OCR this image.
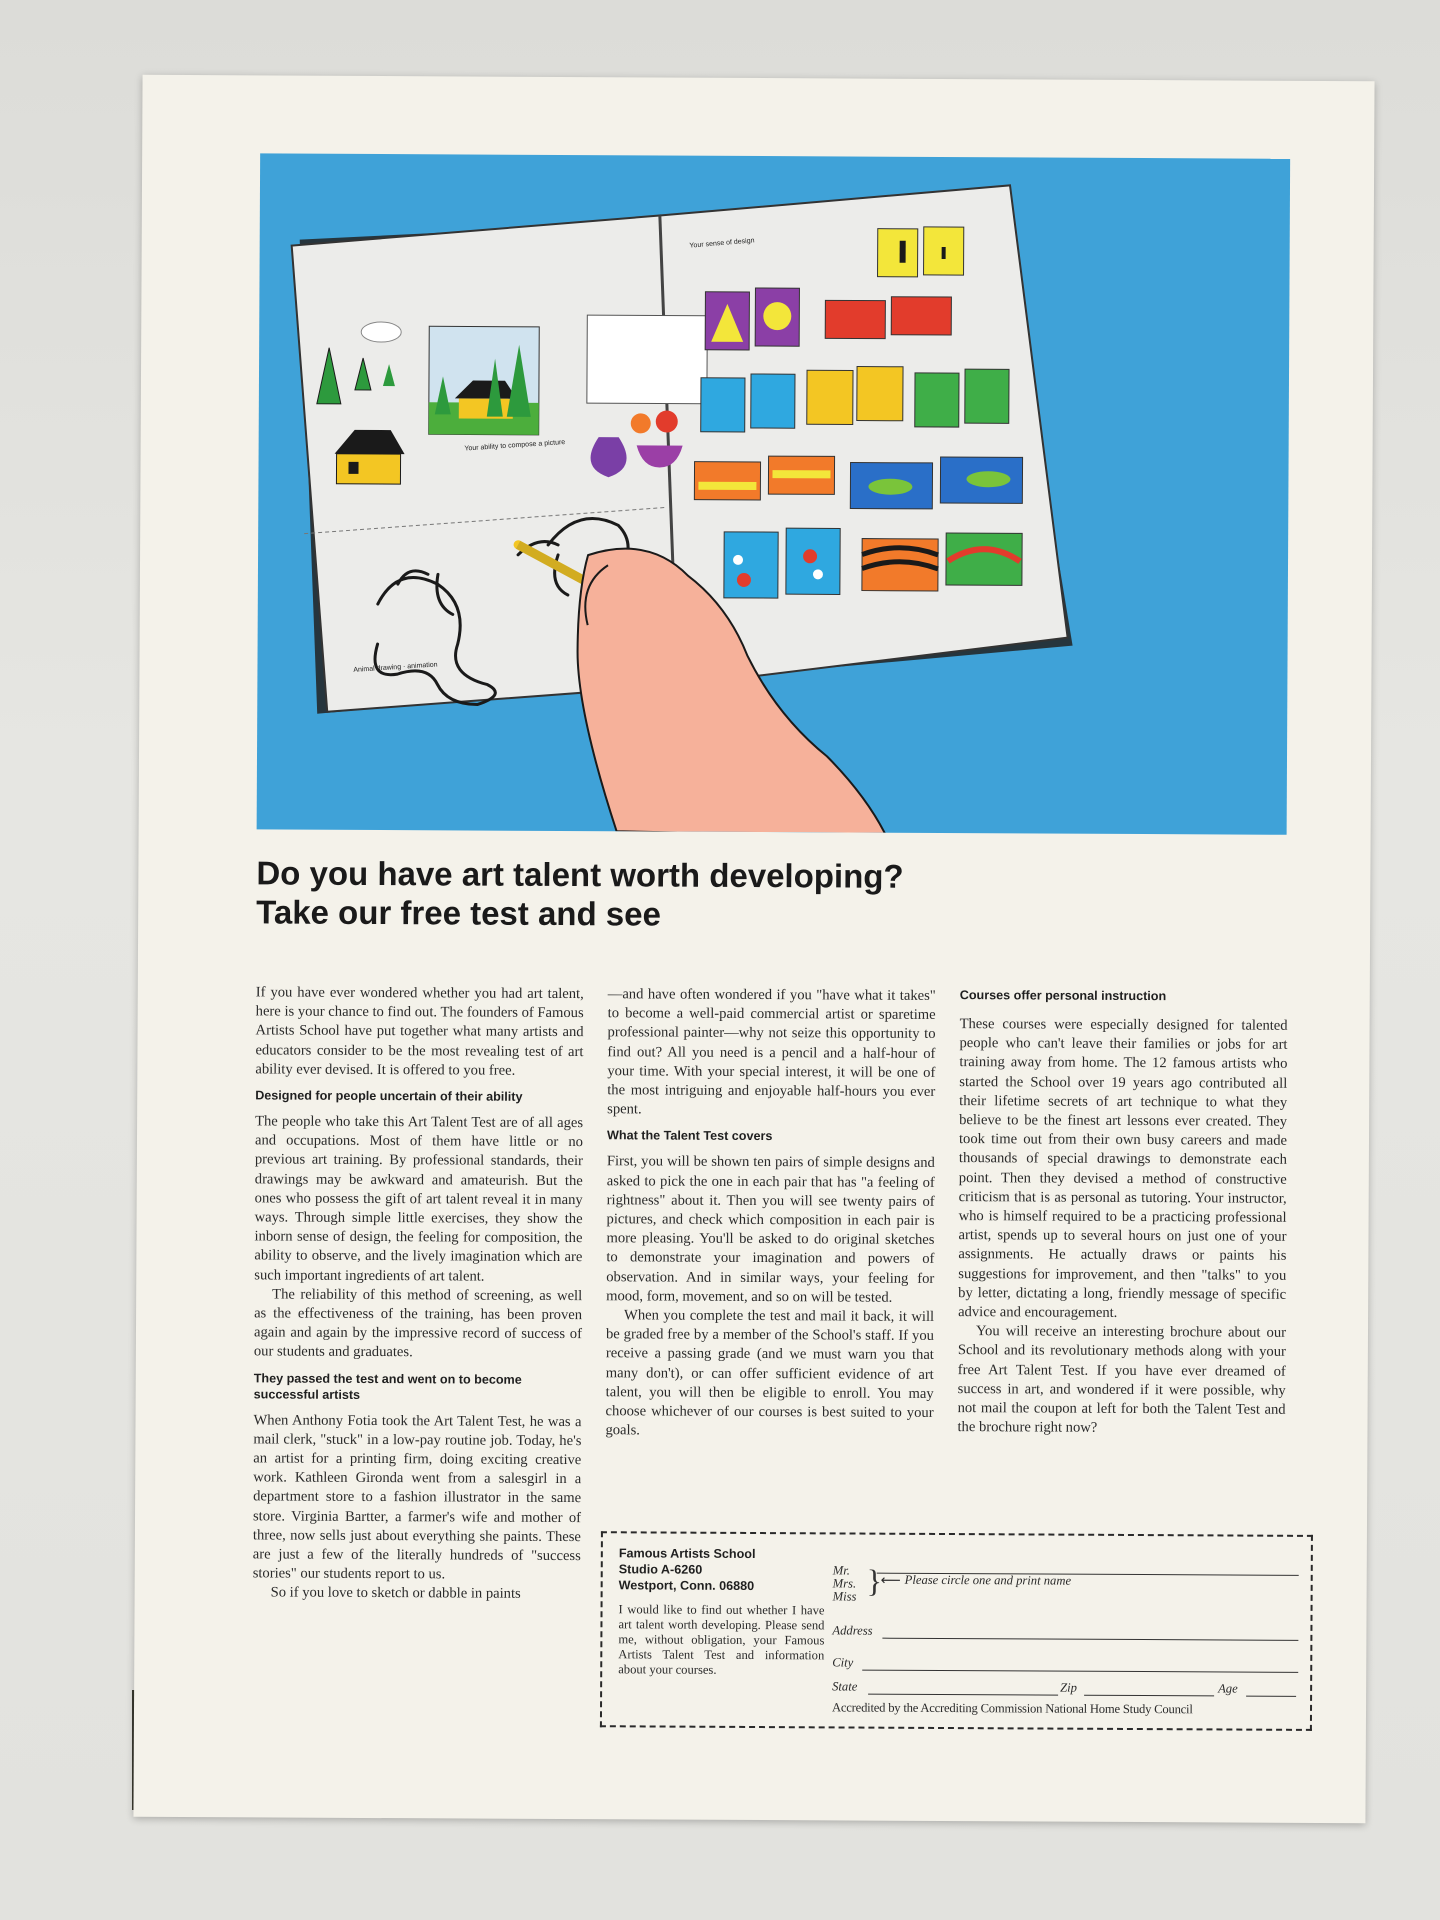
Your ability to compose a picture
Animal drawing · animation
Your sense of design
Do you have art talent worth developing?
Take our free test and see

If you have ever wondered whether you had art talent, here is your chance to find out. The founders of Famous Artists School have put together what many artists and educators consider to be the most revealing test of art ability ever devised. It is offered to you free.

Designed for people uncertain of their ability

The people who take this Art Talent Test are of all ages and occupations. Most of them have little or no previous art training. By professional standards, their drawings may be awkward and amateurish. But the ones who possess the gift of art talent reveal it in many ways. Through simple little exercises, they show the inborn sense of design, the feeling for composition, the ability to observe, and the lively imagination which are such important ingredients of art talent.

The reliability of this method of screening, as well as the effectiveness of the training, has been proven again and again by the impressive record of success of our students and graduates.

They passed the test and went on to become successful artists

When Anthony Fotia took the Art Talent Test, he was a mail clerk, "stuck" in a low-pay routine job. Today, he's an artist for a printing firm, doing exciting creative work. Kathleen Gironda went from a salesgirl in a department store to a fashion illustrator in the same store. Virginia Bartter, a farmer's wife and mother of three, now sells just about everything she paints. These are just a few of the literally hundreds of "success stories" our students report to us.

So if you love to sketch or dabble in paints

—and have often wondered if you "have what it takes" to become a well-paid commercial artist or sparetime professional painter—why not seize this opportunity to find out? All you need is a pencil and a half-hour of your time. With your special interest, it will be one of the most intriguing and enjoyable half-hours you ever spent.

What the Talent Test covers

First, you will be shown ten pairs of simple designs and asked to pick the one in each pair that has "a feeling of rightness" about it. Then you will see twenty pairs of pictures, and check which composition in each pair is more pleasing. You'll be asked to do original sketches to demonstrate your imagination and powers of observation. And in similar ways, your feeling for mood, form, movement, and so on will be tested.

When you complete the test and mail it back, it will be graded free by a member of the School's staff. If you receive a passing grade (and we must warn you that many don't), or can offer sufficient evidence of art talent, you will then be eligible to enroll. You may choose whichever of our courses is best suited to your goals.

Courses offer personal instruction

These courses were especially designed for talented people who can't leave their families or jobs for art training away from home. The 12 famous artists who started the School over 19 years ago contributed all their lifetime secrets of art technique to what they believe to be the finest art lessons ever created. They took time out from their own busy careers and made thousands of special drawings to demonstrate each point. Then they devised a method of constructive criticism that is as personal as tutoring. Your instructor, who is himself required to be a practicing professional artist, spends up to several hours on just one of your assignments. He actually draws or paints his suggestions for improvement, and then "talks" to you by letter, dictating a long, friendly message of specific advice and encouragement.

You will receive an interesting brochure about our School and its revolutionary methods along with your free Art Talent Test. If you have ever dreamed of success in art, and wondered if it were possible, why not mail the coupon at left for both the Talent Test and the brochure right now?

Famous Artists School

Studio A-6260

Westport, Conn. 06880

I would like to find out whether I have art talent worth developing. Please send me, without obligation, your Famous Artists Talent Test and information about your courses.
Mr.
Mrs.
Miss }
⟵ Please circle one and print name
Address
City
State	Zip	Age
Accredited by the Accrediting Commission National Home Study Council
